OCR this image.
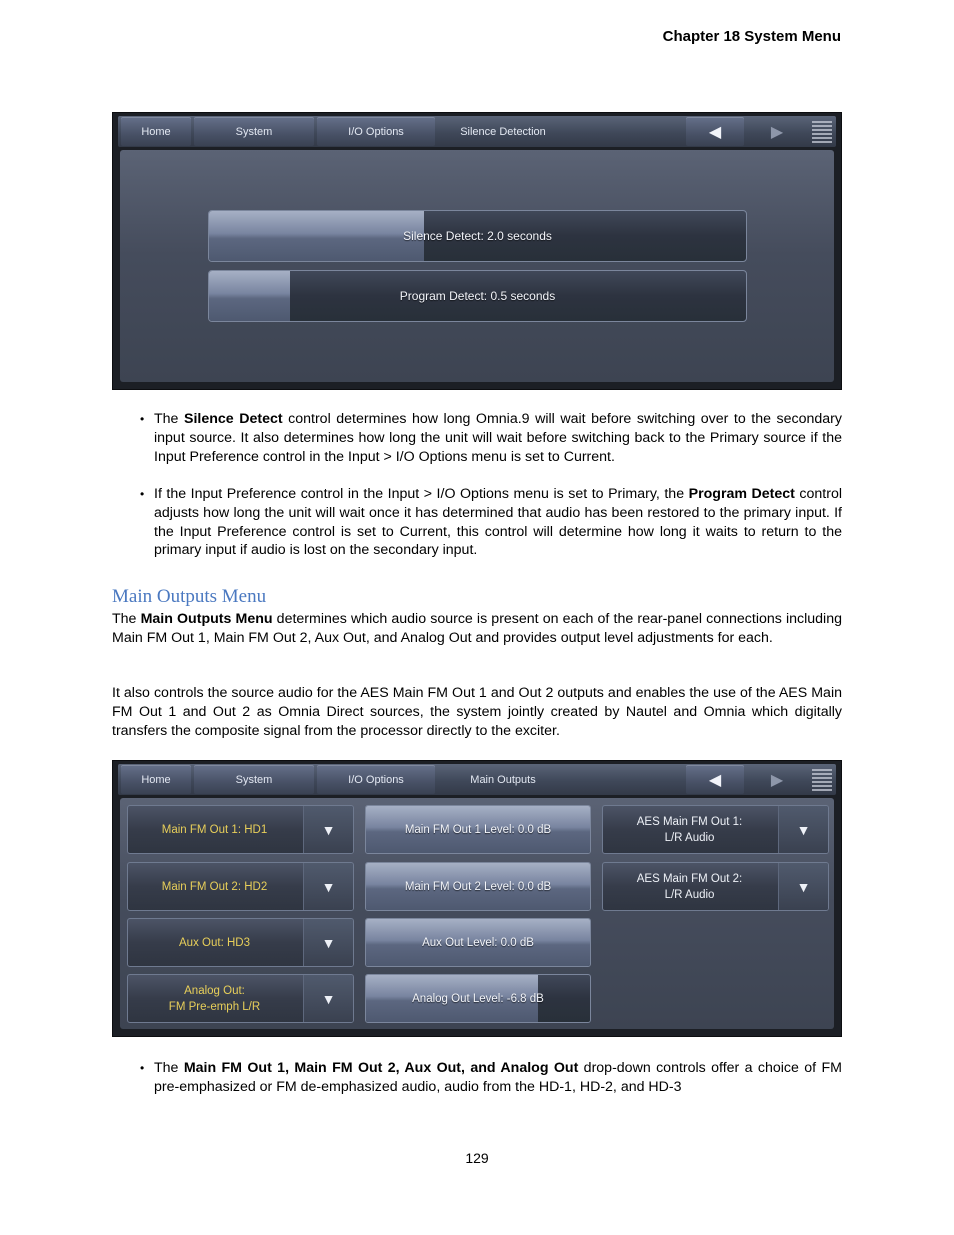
Chapter 18 System Menu
Home	System	I/O Options	Silence Detection	◀	▶
Silence Detect: 2.0 seconds
Program Detect: 0.5 seconds
• The Silence Detect control determines how long Omnia.9 will wait before switching over to the secondary input source. It also determines how long the unit will wait before switching back to the Primary source if the Input Preference control in the Input > I/O Options menu is set to Current.
• If the Input Preference control in the Input > I/O Options menu is set to Primary, the Program Detect control adjusts how long the unit will wait once it has determined that audio has been restored to the primary input. If the Input Preference control is set to Current, this control will determine how long it waits to return to the primary input if audio is lost on the secondary input.
Main Outputs Menu
The Main Outputs Menu determines which audio source is present on each of the rear-panel connections including Main FM Out 1, Main FM Out 2, Aux Out, and Analog Out and provides output level adjustments for each.
It also controls the source audio for the AES Main FM Out 1 and Out 2 outputs and enables the use of the AES Main FM Out 1 and Out 2 as Omnia Direct sources, the system jointly created by Nautel and Omnia which digitally transfers the composite signal from the processor directly to the exciter.
Home	System	I/O Options	Main Outputs	◀	▶
Main FM Out 1: HD1	▼
Main FM Out 2: HD2	▼
Aux Out: HD3	▼
Analog Out:
FM Pre-emph L/R	▼
Main FM Out 1 Level: 0.0 dB
Main FM Out 2 Level: 0.0 dB
Aux Out Level: 0.0 dB
Analog Out Level: -6.8 dB
AES Main FM Out 1:
L/R Audio	▼
AES Main FM Out 2:
L/R Audio	▼
• The Main FM Out 1, Main FM Out 2, Aux Out, and Analog Out drop-down controls offer a choice of FM pre-emphasized or FM de-emphasized audio, audio from the HD-1, HD-2, and HD-3
129
